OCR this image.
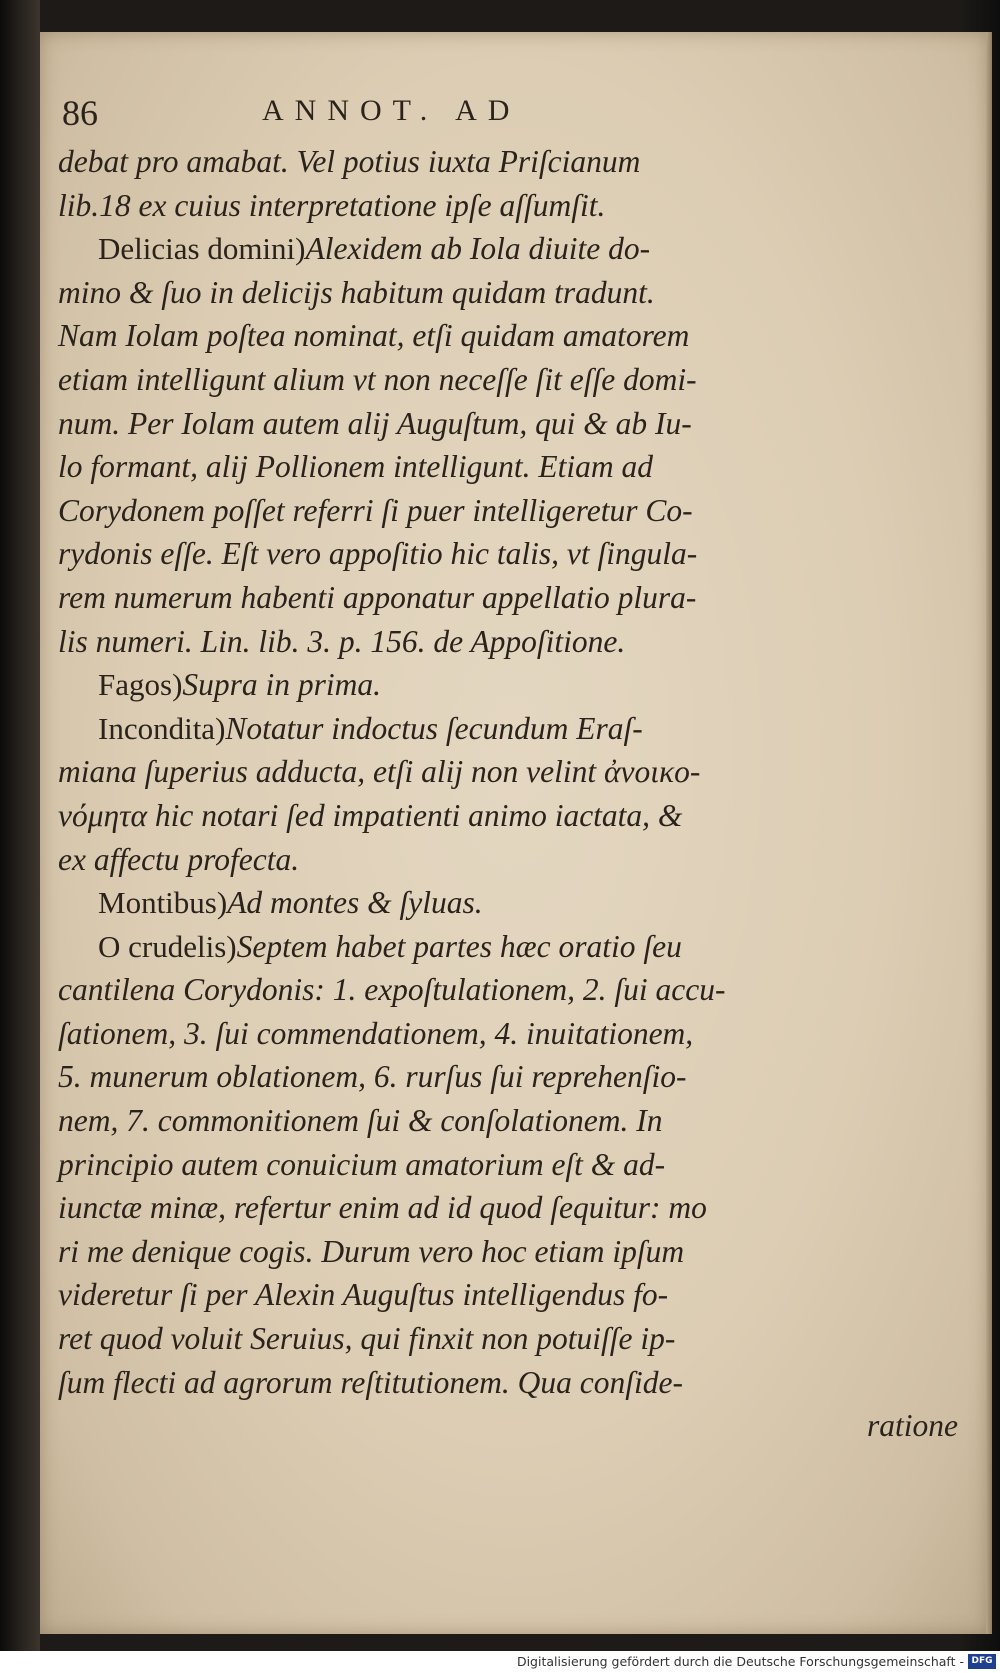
86	ANNOT. AD
debat pro amabat. Vel potius iuxta Priſcianum
lib.18 ex cuius interpretatione ipſe aſſumſit.
Delicias domini)Alexidem ab Iola diuite do-
mino & ſuo in delicijs habitum quidam tradunt.
Nam Iolam poſtea nominat, etſi quidam amatorem
etiam intelligunt alium vt non neceſſe ſit eſſe domi-
num. Per Iolam autem alij Auguſtum, qui & ab Iu-
lo formant, alij Pollionem intelligunt. Etiam ad
Corydonem poſſet referri ſi puer intelligeretur Co-
rydonis eſſe. Eſt vero appoſitio hic talis, vt ſingula-
rem numerum habenti apponatur appellatio plura-
lis numeri. Lin. lib. 3. p. 156. de Appoſitione.
Fagos)Supra in prima.
Incondita)Notatur indoctus ſecundum Eraſ-
miana ſuperius adducta, etſi alij non velint ἀνοικο-
νόμητα hic notari ſed impatienti animo iactata, &
ex affectu profecta.
Montibus)Ad montes & ſyluas.
O crudelis)Septem habet partes hæc oratio ſeu
cantilena Corydonis: 1. expoſtulationem, 2. ſui accu-
ſationem, 3. ſui commendationem, 4. inuitationem,
5. munerum oblationem, 6. rurſus ſui reprehenſio-
nem, 7. commonitionem ſui & conſolationem. In
principio autem conuicium amatorium eſt & ad-
iunctæ minæ, refertur enim ad id quod ſequitur: mo
ri me denique cogis. Durum vero hoc etiam ipſum
videretur ſi per Alexin Auguſtus intelligendus fo-
ret quod voluit Seruius, qui finxit non potuiſſe ip-
ſum flecti ad agrorum reſtitutionem. Qua conſide-
ratione
Digitalisierung gefördert durch die Deutsche Forschungsgemeinschaft - DFG
